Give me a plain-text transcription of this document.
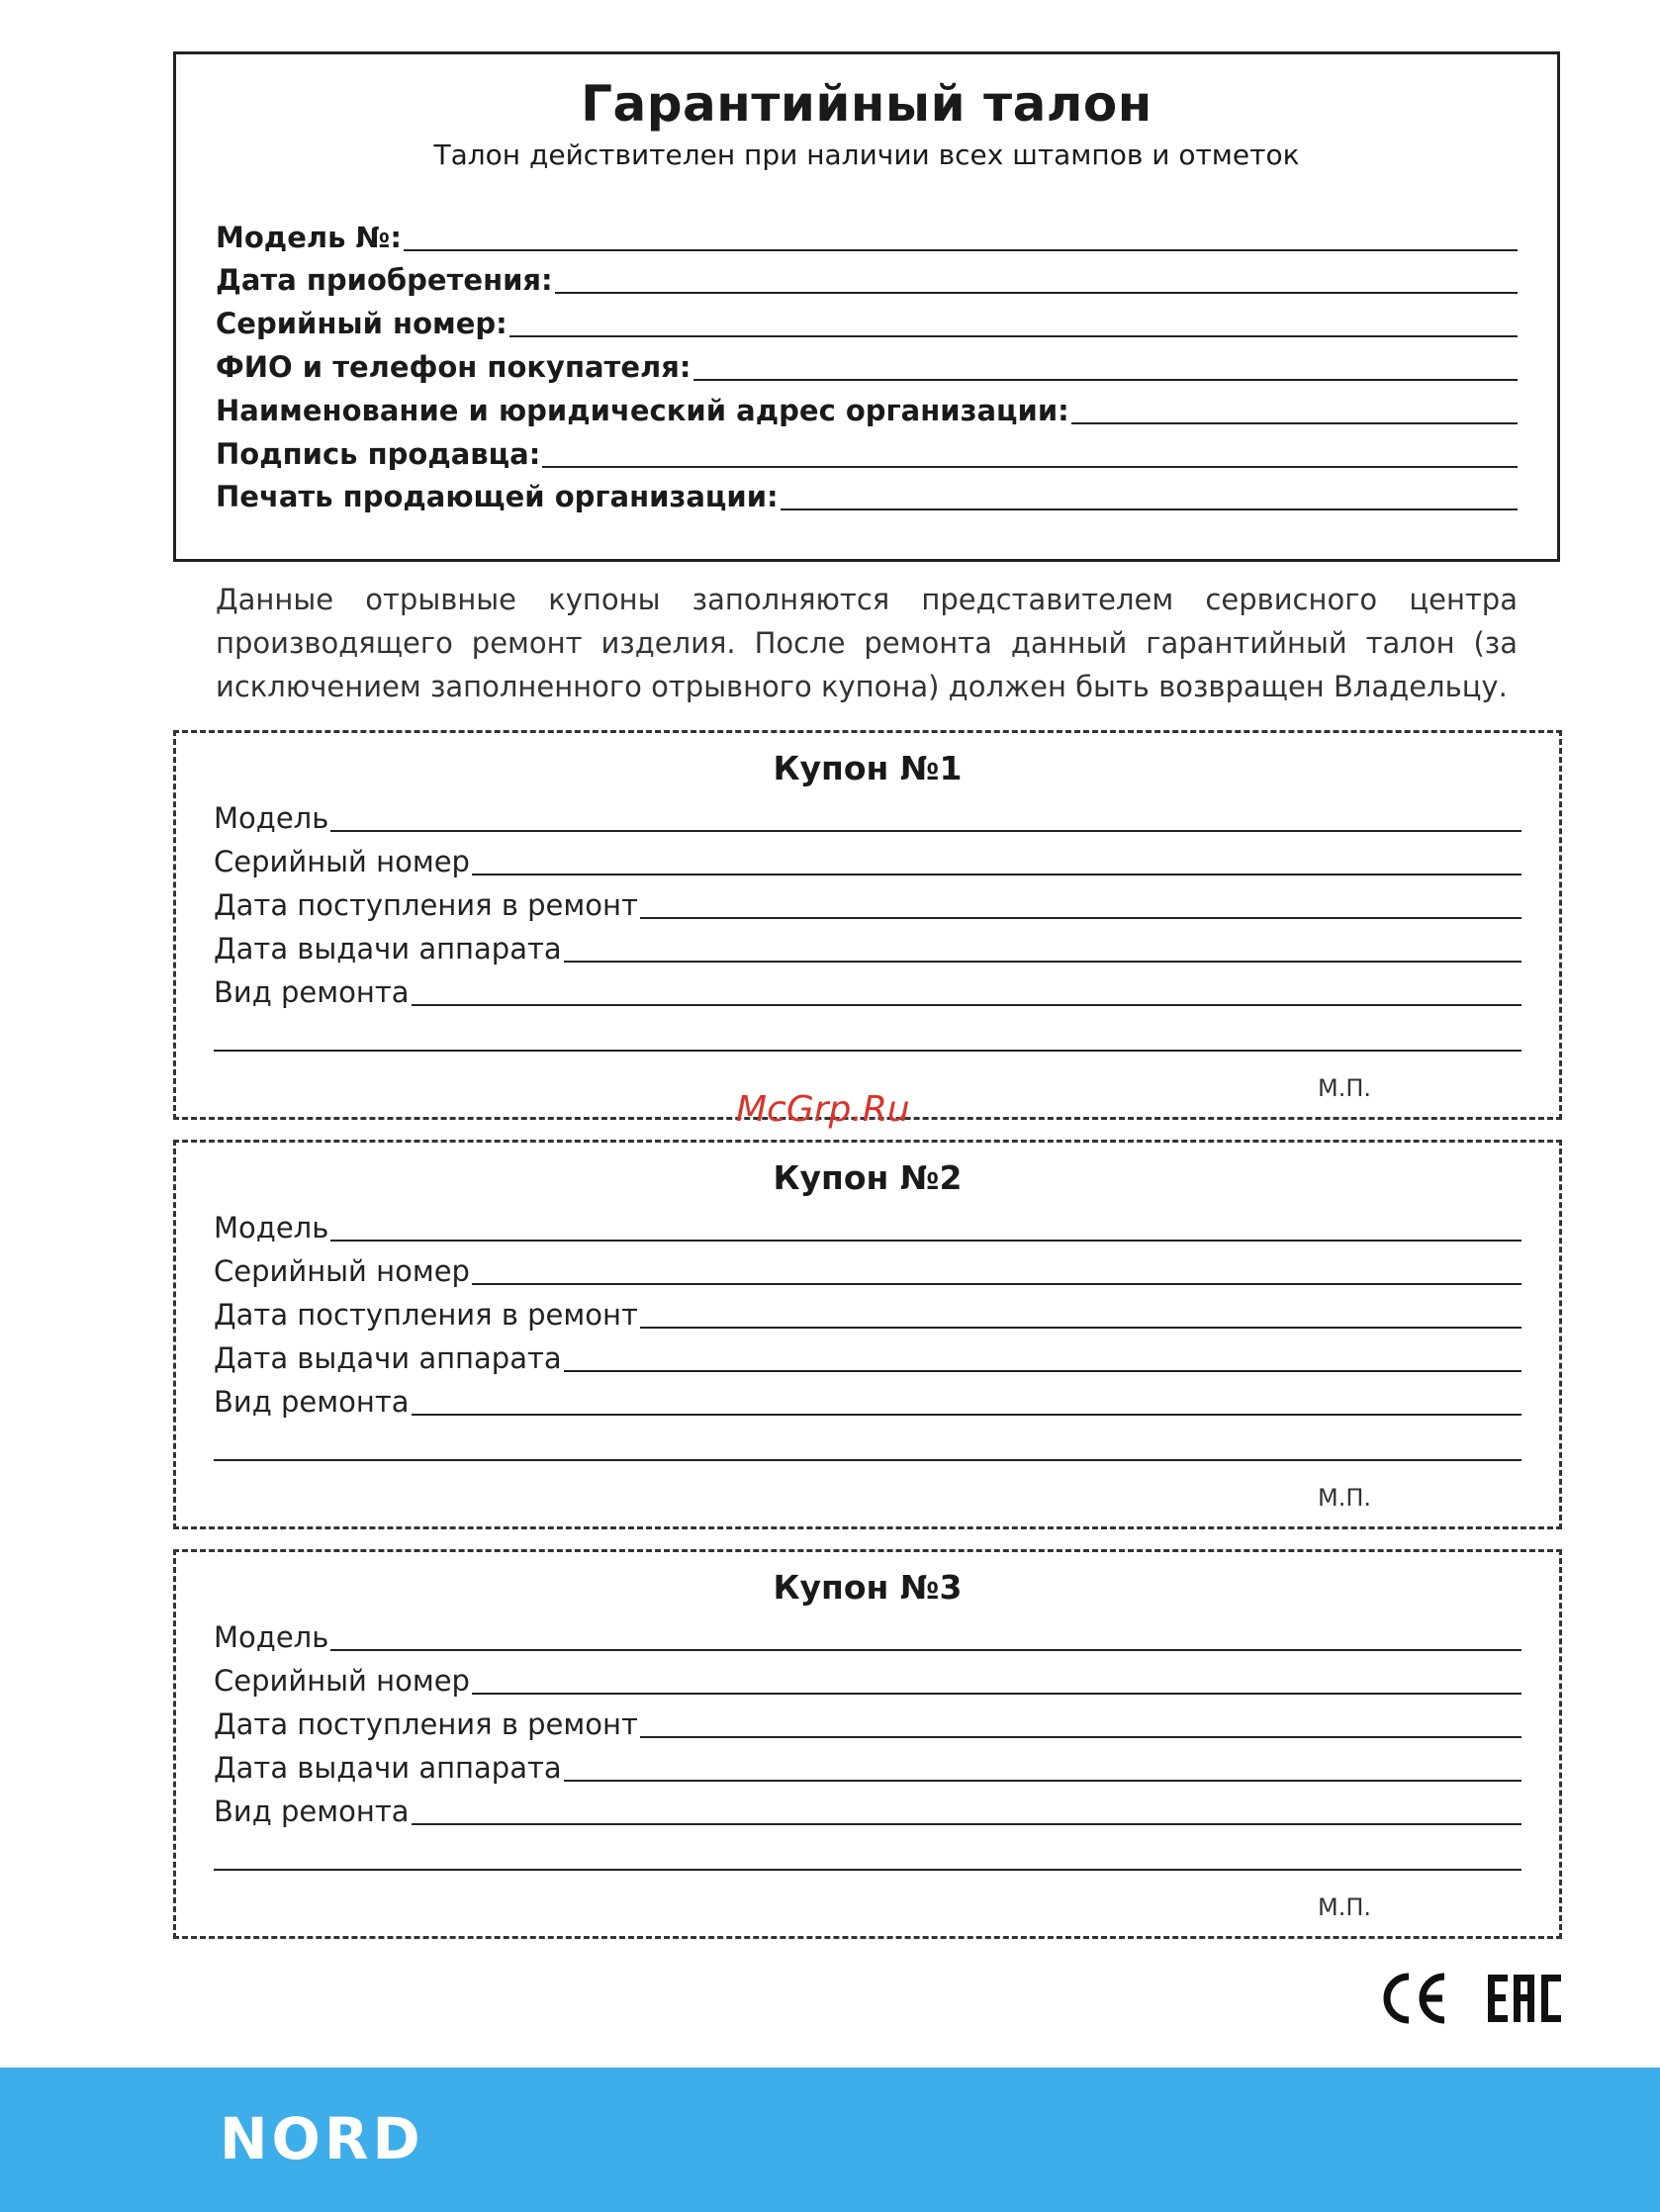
Гарантийный талон
Талон действителен при наличии всех штампов и отметок
Модель №:
Дата приобретения:
Серийный номер:
ФИО и телефон покупателя:
Наименование и юридический адрес организации:
Подпись продавца:
Печать продающей организации:
Данные отрывные купоны заполняются представителем сервисного центра
производящего ремонт изделия. После ремонта данный гарантийный талон (за
исключением заполненного отрывного купона) должен быть возвращен Владельцу.
Купон №1
Модель
Серийный номер
Дата поступления в ремонт
Дата выдачи аппарата
Вид ремонта
М.П.
Купон №2
Модель
Серийный номер
Дата поступления в ремонт
Дата выдачи аппарата
Вид ремонта
М.П.
Купон №3
Модель
Серийный номер
Дата поступления в ремонт
Дата выдачи аппарата
Вид ремонта
М.П.
McGrp.Ru
NORD
